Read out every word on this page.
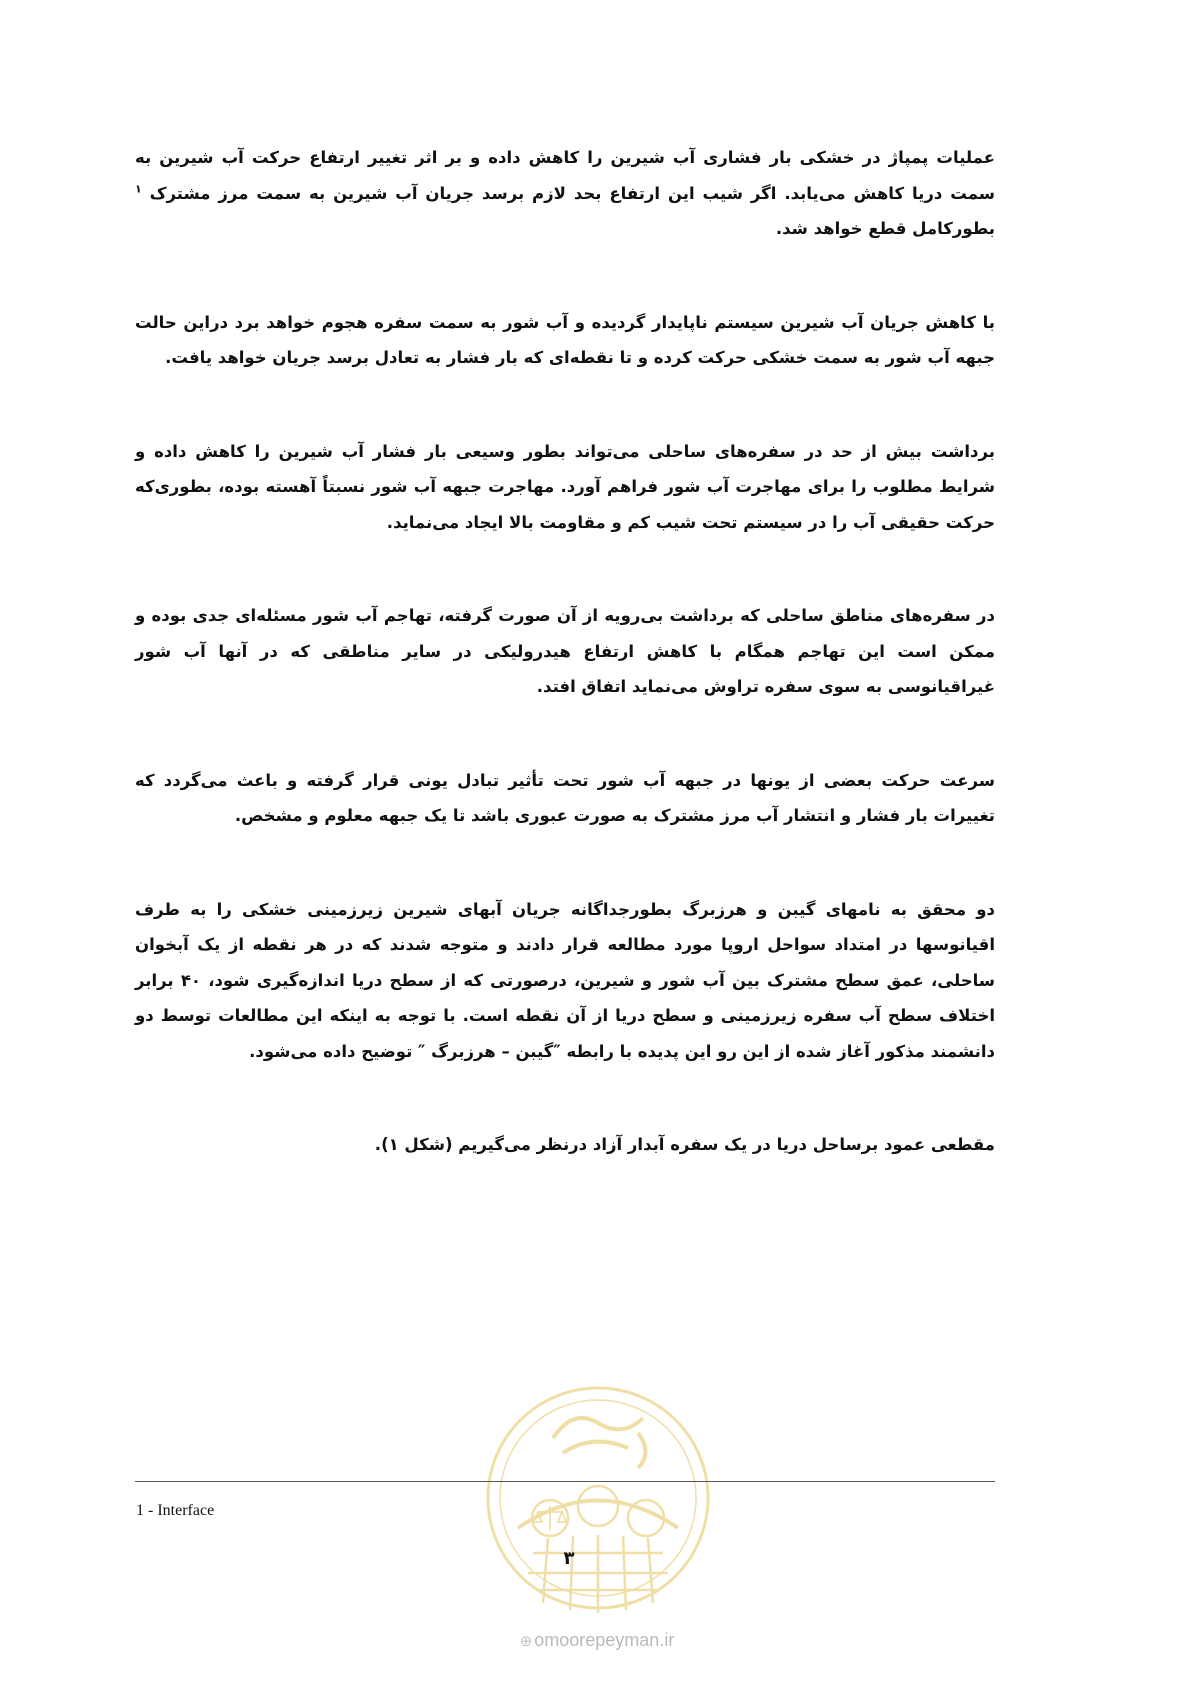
عملیات پمپاژ در خشکی بار فشاری آب شیرین را کاهش داده و بر اثر تغییر ارتفاع حرکت آب شیرین به سمت دریا کاهش می‌یابد. اگر شیب این ارتفاع بحد لازم برسد جریان آب شیرین به سمت مرز مشترک $^۱$ بطورکامل قطع خواهد شد.

با کاهش جریان آب شیرین سیستم ناپایدار گردیده و آب شور به سمت سفره هجوم خواهد برد دراین حالت جبهه آب شور به سمت خشکی حرکت کرده و تا نقطه‌ای که بار فشار به تعادل برسد جریان خواهد یافت.

برداشت بیش از حد در سفره‌های ساحلی می‌تواند بطور وسیعی بار فشار آب شیرین را کاهش داده و شرایط مطلوب را برای مهاجرت آب شور فراهم آورد. مهاجرت جبهه آب شور نسبتاً آهسته بوده، بطوری‌که حرکت حقیقی آب را در سیستم تحت شیب کم و مقاومت بالا ایجاد می‌نماید.

در سفره‌های مناطق ساحلی که برداشت بی‌رویه از آن صورت گرفته، تهاجم آب شور مسئله‌ای جدی بوده و ممکن است این تهاجم همگام با کاهش ارتفاع هیدرولیکی در سایر مناطقی که در آنها آب شور غیراقیانوسی به سوی سفره تراوش می‌نماید اتفاق افتد.

سرعت حرکت بعضی از یونها در جبهه آب شور تحت تأثیر تبادل یونی قرار گرفته و باعث می‌گردد که تغییرات بار فشار و انتشار آب مرز مشترک به صورت عبوری باشد تا یک جبهه معلوم و مشخص.

دو محقق به نامهای گیبن و هرزبرگ بطورجداگانه جریان آبهای شیرین زیرزمینی خشکی را به طرف اقیانوسها در امتداد سواحل اروپا مورد مطالعه قرار دادند و متوجه شدند که در هر نقطه از یک آبخوان ساحلی، عمق سطح مشترک بین آب شور و شیرین، درصورتی که از سطح دریا اندازه‌گیری شود، ۴۰ برابر اختلاف سطح آب سفره زیرزمینی و سطح دریا از آن نقطه است. با توجه به اینکه این مطالعات توسط دو دانشمند مذکور آغاز شده از این رو این پدیده با رابطه ″گیبن – هرزبرگ ″ توضیح داده می‌شود.

مقطعی عمود برساحل دریا در یک سفره آبدار آزاد درنظر می‌گیریم (شکل ۱).

1 - Interface
۳
⊕ omoorepeyman.ir
